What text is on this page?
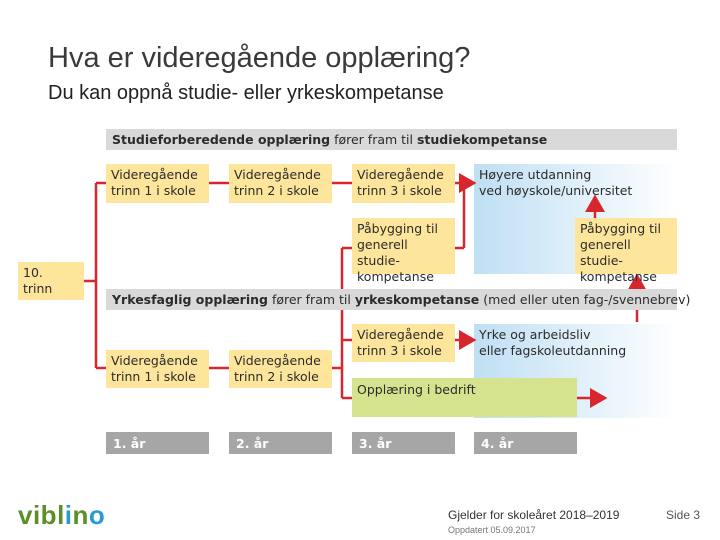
Hva er videregående opplæring?
Du kan oppnå studie- eller yrkeskompetanse
Studieforberedende opplæring fører fram til studiekompetanse
Yrkesfaglig opplæring fører fram til yrkeskompetanse (med eller uten fag-/svennebrev)
10.
trinn
Videregående
trinn 1 i skole
Videregående
trinn 2 i skole
Videregående
trinn 3 i skole
Høyere utdanning
ved høyskole/universitet
Påbygging til
generell studie-
kompetanse
Påbygging til
generell studie-
kompetanse
Videregående
trinn 1 i skole
Videregående
trinn 2 i skole
Videregående
trinn 3 i skole
Yrke og arbeidsliv
eller fagskoleutdanning
Opplæring i bedrift
1. år	2. år	3. år	4. år
viblino	Gjelder for skoleåret 2018–2019
Oppdatert 05.09.2017
Side 3
